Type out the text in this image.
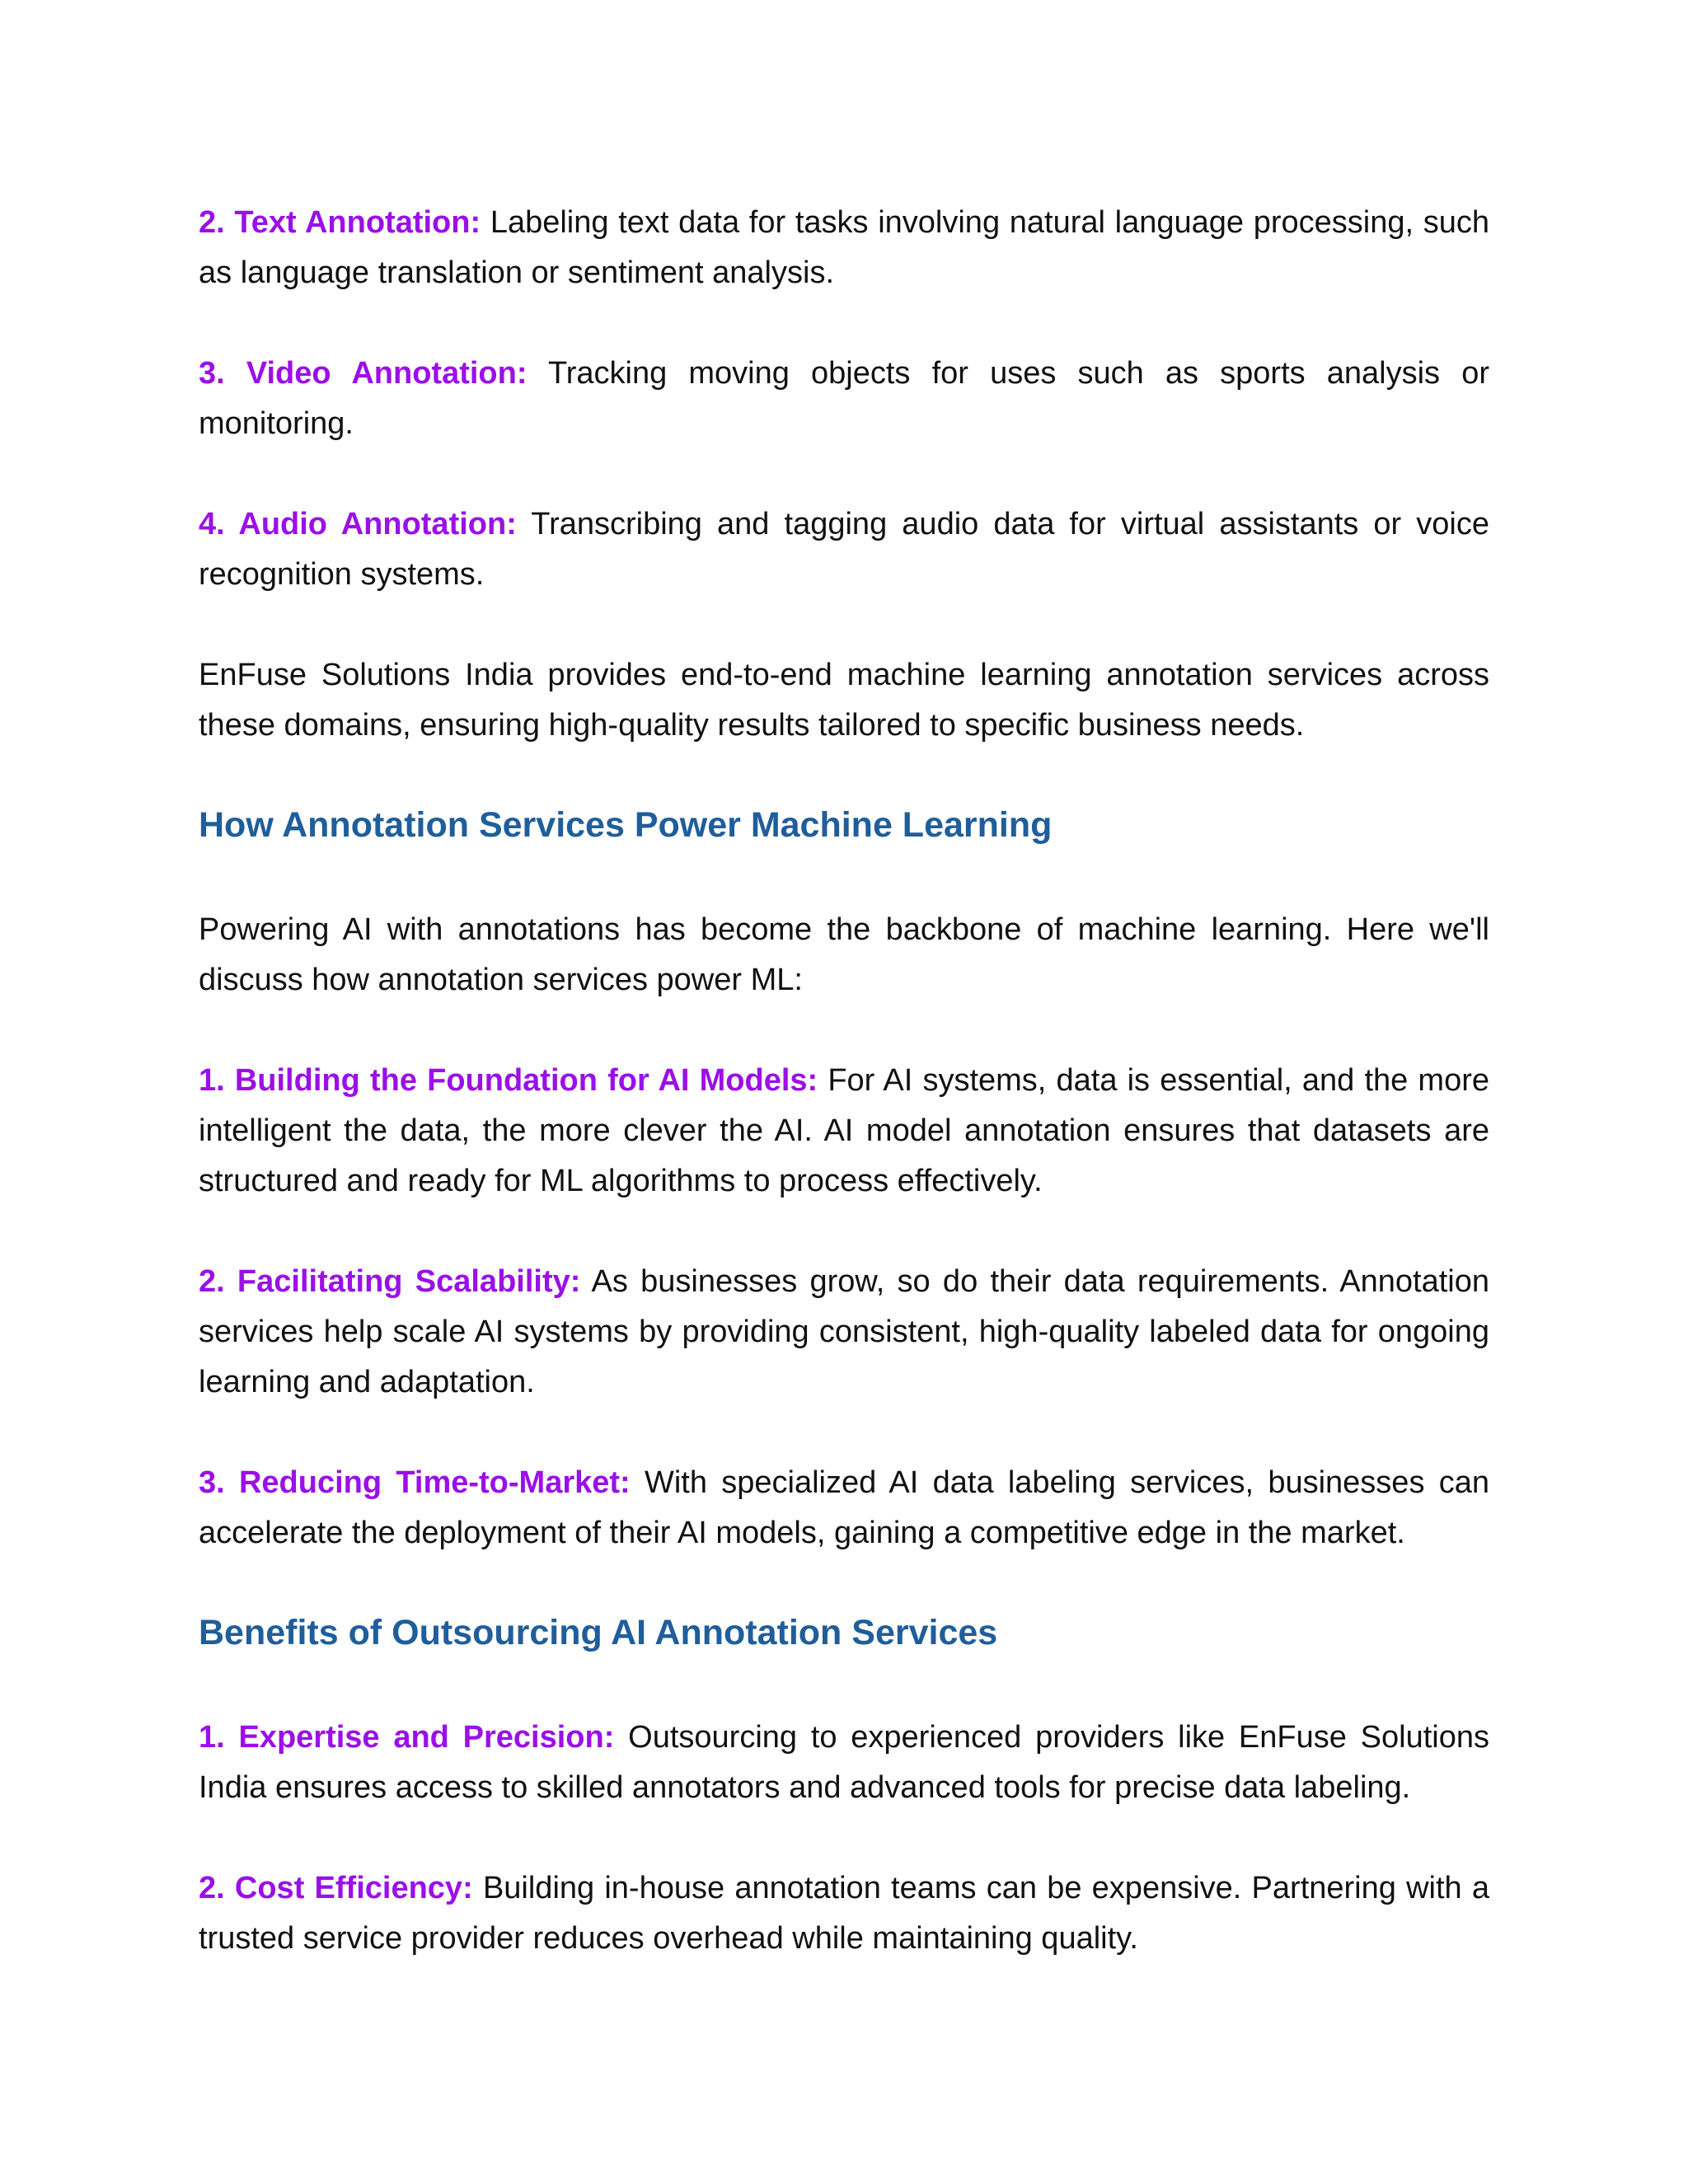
2. Text Annotation: Labeling text data for tasks involving natural language processing, such as language translation or sentiment analysis.

3. Video Annotation: Tracking moving objects for uses such as sports analysis or monitoring.

4. Audio Annotation: Transcribing and tagging audio data for virtual assistants or voice recognition systems.

EnFuse Solutions India provides end-to-end machine learning annotation services across these domains, ensuring high-quality results tailored to specific business needs.

How Annotation Services Power Machine Learning

Powering AI with annotations has become the backbone of machine learning. Here we'll discuss how annotation services power ML:

1. Building the Foundation for AI Models: For AI systems, data is essential, and the more intelligent the data, the more clever the AI. AI model annotation ensures that datasets are structured and ready for ML algorithms to process effectively.

2. Facilitating Scalability: As businesses grow, so do their data requirements. Annotation services help scale AI systems by providing consistent, high-quality labeled data for ongoing learning and adaptation.

3. Reducing Time-to-Market: With specialized AI data labeling services, businesses can accelerate the deployment of their AI models, gaining a competitive edge in the market.

Benefits of Outsourcing AI Annotation Services

1. Expertise and Precision: Outsourcing to experienced providers like EnFuse Solutions India ensures access to skilled annotators and advanced tools for precise data labeling.

2. Cost Efficiency: Building in-house annotation teams can be expensive. Partnering with a trusted service provider reduces overhead while maintaining quality.
